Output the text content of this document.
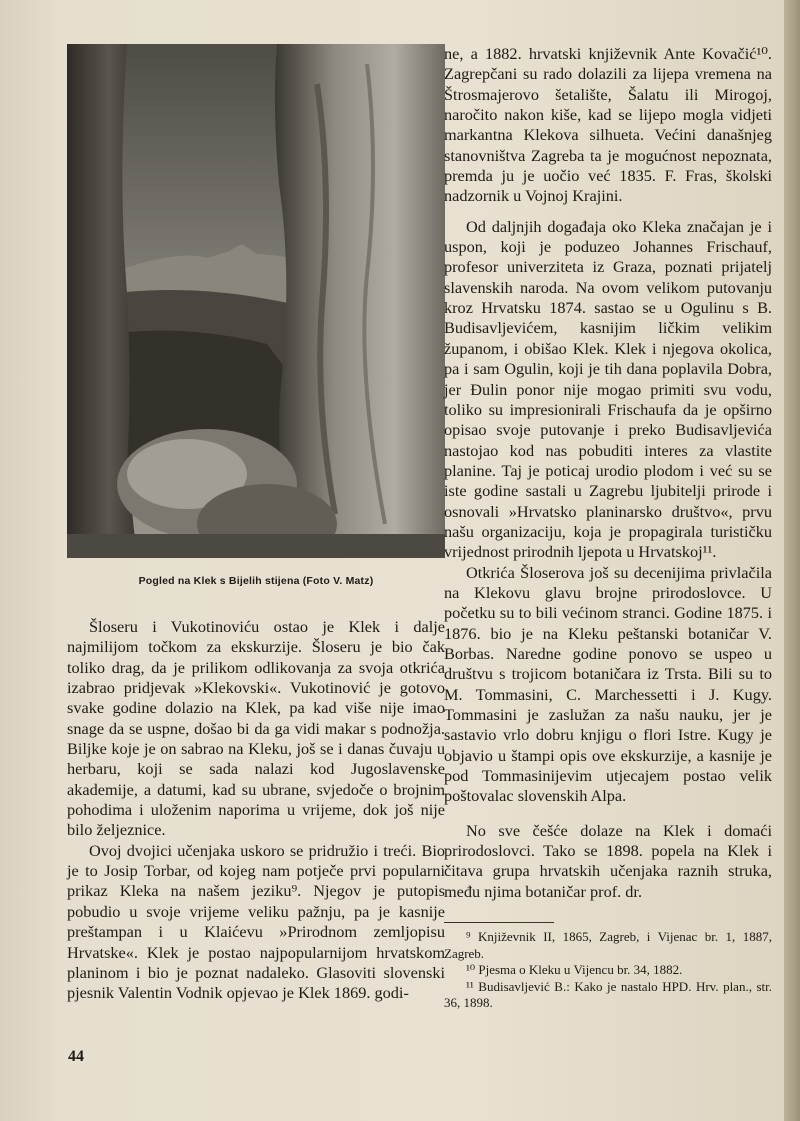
Pogled na Klek s Bijelih stijena (Foto V. Matz)

Šloseru i Vukotinoviću ostao je Klek i dalje najmilijom točkom za ekskurzije. Šloseru je bio čak toliko drag, da je prilikom odlikovanja za svoja otkrića izabrao pridjevak »Klekovski«. Vukotinović je gotovo svake godine dolazio na Klek, pa kad više nije imao snage da se uspne, došao bi da ga vidi makar s podnožja. Biljke koje je on sabrao na Kleku, još se i danas čuvaju u herbaru, koji se sada nalazi kod Jugoslavenske akademije, a datumi, kad su ubrane, svjedoče o brojnim pohodima i uloženim naporima u vrijeme, dok još nije bilo željeznice.

Ovoj dvojici učenjaka uskoro se pridružio i treći. Bio je to Josip Torbar, od kojeg nam potječe prvi popularni prikaz Kleka na našem jeziku⁹. Njegov je putopis pobudio u svoje vrijeme veliku pažnju, pa je kasnije preštampan i u Klaićevu »Prirodnom zemljopisu Hrvatske«. Klek je postao najpopularnijom hrvatskom planinom i bio je poznat nadaleko. Glasoviti slovenski pjesnik Valentin Vodnik opjevao je Klek 1869. godi-

ne, a 1882. hrvatski književnik Ante Kovačić¹⁰. Zagrepčani su rado dolazili za lijepa vremena na Štrosmajerovo šetalište, Šalatu ili Mirogoj, naročito nakon kiše, kad se lijepo mogla vidjeti markantna Klekova silhueta. Većini današnjeg stanovništva Zagreba ta je mogućnost nepoznata, premda ju je uočio već 1835. F. Fras, školski nadzornik u Vojnoj Krajini.

Od daljnjih događaja oko Kleka značajan je i uspon, koji je poduzeo Johannes Frischauf, profesor univerziteta iz Graza, poznati prijatelj slavenskih naroda. Na ovom velikom putovanju kroz Hrvatsku 1874. sastao se u Ogulinu s B. Budisavljevićem, kasnijim ličkim velikim županom, i obišao Klek. Klek i njegova okolica, pa i sam Ogulin, koji je tih dana poplavila Dobra, jer Đulin ponor nije mogao primiti svu vodu, toliko su impresionirali Frischaufa da je opširno opisao svoje putovanje i preko Budisavljevića nastojao kod nas pobuditi interes za vlastite planine. Taj je poticaj urodio plodom i već su se iste godine sastali u Zagrebu ljubitelji prirode i osnovali »Hrvatsko planinarsko društvo«, prvu našu organizaciju, koja je propagirala turističku vrijednost prirodnih ljepota u Hrvatskoj¹¹.

Otkrića Šloserova još su decenijima privlačila na Klekovu glavu brojne prirodoslovce. U početku su to bili većinom stranci. Godine 1875. i 1876. bio je na Kleku peštanski botaničar V. Borbas. Naredne godine ponovo se uspeo u društvu s trojicom botaničara iz Trsta. Bili su to M. Tommasini, C. Marchessetti i J. Kugy. Tommasini je zaslužan za našu nauku, jer je sastavio vrlo dobru knjigu o flori Istre. Kugy je objavio u štampi opis ove ekskurzije, a kasnije je pod Tommasinijevim utjecajem postao velik poštovalac slovenskih Alpa.

No sve češće dolaze na Klek i domaći prirodoslovci. Tako se 1898. popela na Klek i čitava grupa hrvatskih učenjaka raznih struka, među njima botaničar prof. dr.

⁹ Književnik II, 1865, Zagreb, i Vijenac br. 1, 1887, Zagreb.

¹⁰ Pjesma o Kleku u Vijencu br. 34, 1882.

¹¹ Budisavljević B.: Kako je nastalo HPD. Hrv. plan., str. 36, 1898.

44
